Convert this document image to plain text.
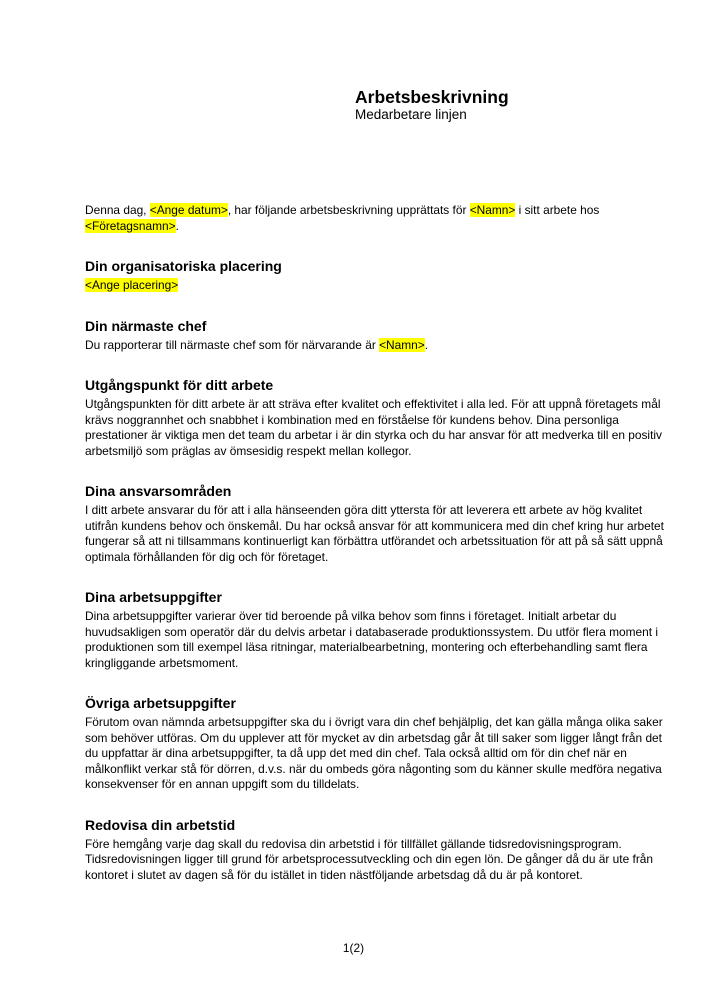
Arbetsbeskrivning

Medarbetare linjen

Denna dag, <Ange datum>, har följande arbetsbeskrivning upprättats för <Namn> i sitt arbete hos <Företagsnamn>.

Din organisatoriska placering

<Ange placering>

Din närmaste chef

Du rapporterar till närmaste chef som för närvarande är <Namn>.

Utgångspunkt för ditt arbete

Utgångspunkten för ditt arbete är att sträva efter kvalitet och effektivitet i alla led. För att uppnå företagets mål krävs noggrannhet och snabbhet i kombination med en förståelse för kundens behov. Dina personliga prestationer är viktiga men det team du arbetar i är din styrka och du har ansvar för att medverka till en positiv arbetsmiljö som präglas av ömsesidig respekt mellan kollegor.

Dina ansvarsområden

I ditt arbete ansvarar du för att i alla hänseenden göra ditt yttersta för att leverera ett arbete av hög kvalitet utifrån kundens behov och önskemål. Du har också ansvar för att kommunicera med din chef kring hur arbetet fungerar så att ni tillsammans kontinuerligt kan förbättra utförandet och arbetssituation för att på så sätt uppnå optimala förhållanden för dig och för företaget.

Dina arbetsuppgifter

Dina arbetsuppgifter varierar över tid beroende på vilka behov som finns i företaget. Initialt arbetar du huvudsakligen som operatör där du delvis arbetar i databaserade produktionssystem. Du utför flera moment i produktionen som till exempel läsa ritningar, materialbearbetning, montering och efterbehandling samt flera kringliggande arbetsmoment.

Övriga arbetsuppgifter

Förutom ovan nämnda arbetsuppgifter ska du i övrigt vara din chef behjälplig, det kan gälla många olika saker som behöver utföras. Om du upplever att för mycket av din arbetsdag går åt till saker som ligger långt från det du uppfattar är dina arbetsuppgifter, ta då upp det med din chef. Tala också alltid om för din chef när en målkonflikt verkar stå för dörren, d.v.s. när du ombeds göra någonting som du känner skulle medföra negativa konsekvenser för en annan uppgift som du tilldelats.

Redovisa din arbetstid

Före hemgång varje dag skall du redovisa din arbetstid i för tillfället gällande tidsredovisningsprogram. Tidsredovisningen ligger till grund för arbetsprocessutveckling och din egen lön. De gånger då du är ute från kontoret i slutet av dagen så för du istället in tiden nästföljande arbetsdag då du är på kontoret.

1(2)
